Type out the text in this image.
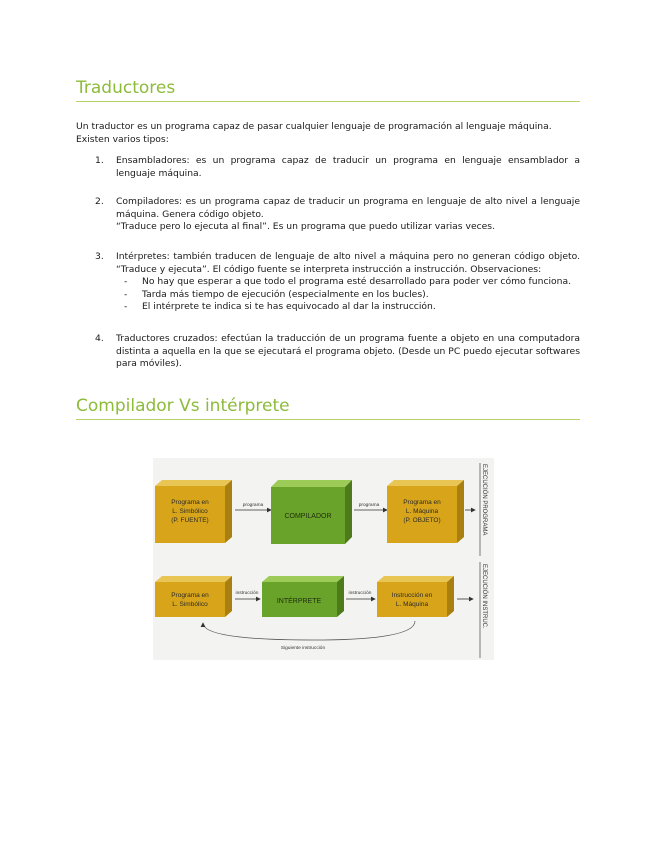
Traductores
Un traductor es un programa capaz de pasar cualquier lenguaje de programación al lenguaje máquina. Existen varios tipos:
1.	Ensambladores: es un programa capaz de traducir un programa en lenguaje ensamblador a lenguaje máquina.
2.	Compiladores: es un programa capaz de traducir un programa en lenguaje de alto nivel a lenguaje máquina. Genera código objeto.
“Traduce pero lo ejecuta al final”. Es un programa que puedo utilizar varias veces.
3.	Intérpretes: también traducen de lenguaje de alto nivel a máquina pero no generan código objeto. “Traduce y ejecuta”. El código fuente se interpreta instrucción a instrucción. Observaciones:
- No hay que esperar a que todo el programa esté desarrollado para poder ver cómo funciona.
- Tarda más tiempo de ejecución (especialmente en los bucles).
- El intérprete te indica si te has equivocado al dar la instrucción.
4.	Traductores cruzados: efectúan la traducción de un programa fuente a objeto en una computadora distinta a aquella en la que se ejecutará el programa objeto. (Desde un PC puedo ejecutar softwares para móviles).
Compilador Vs intérprete
Programa en
L. Simbólico
(P. FUENTE)
programa
COMPILADOR
programa	Programa en
L. Máquina
(P. OBJETO)	EJECUCIÓN PROGRAMA
Programa en
L. Simbólico
instrucción
INTÉRPRETE
instrucción	Instrucción en
L. Máquina	EJECUCIÓN INSTRUC.
Siguiente instrucción
